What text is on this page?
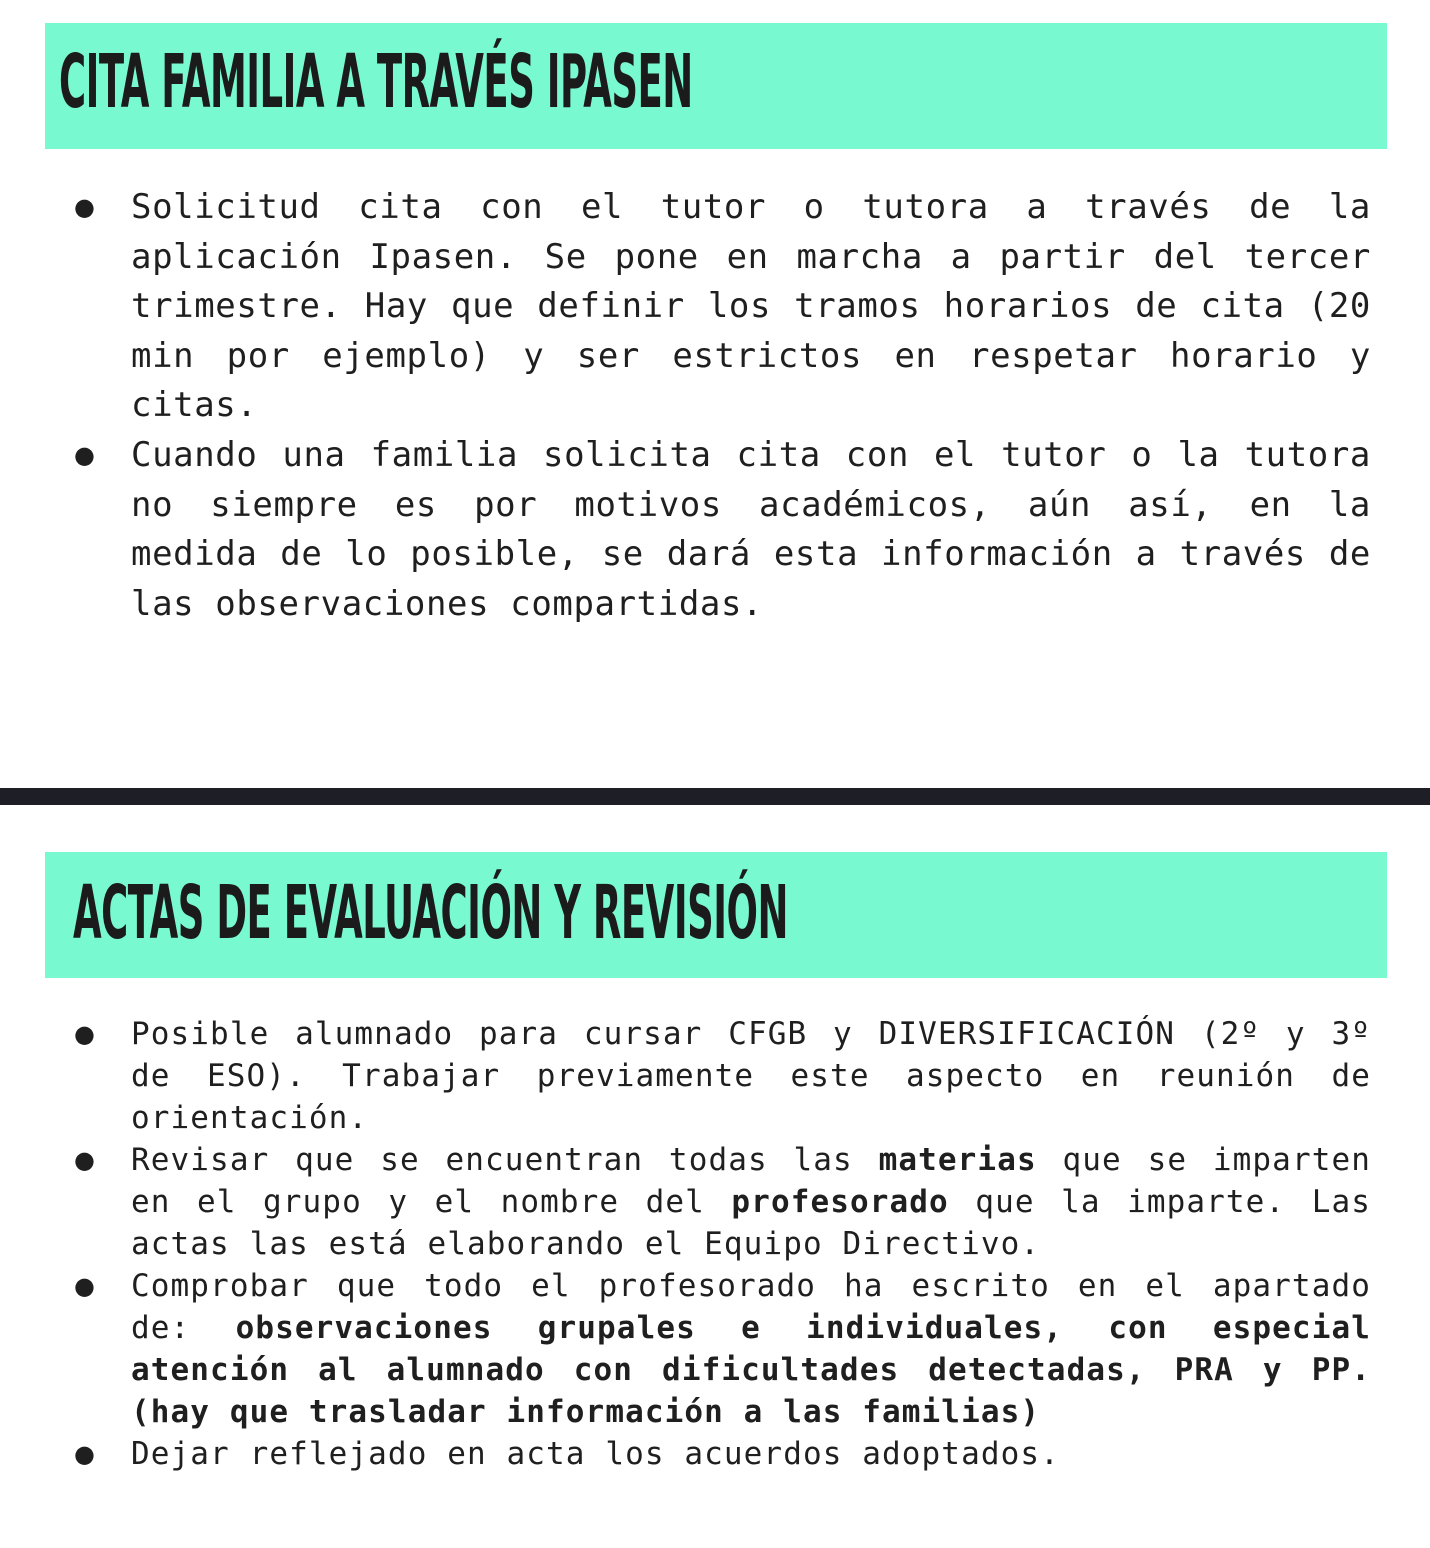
CITA FAMILIA A TRAVÉS IPASEN
● Solicitud cita con el tutor o tutora a través de la aplicación Ipasen. Se pone en marcha a partir del tercer trimestre. Hay que definir los tramos horarios de cita (20 min por ejemplo) y ser estrictos en respetar horario y citas.
● Cuando una familia solicita cita con el tutor o la tutora no siempre es por motivos académicos, aún así, en la medida de lo posible, se dará esta información a través de las observaciones compartidas.
ACTAS DE EVALUACIÓN Y REVISIÓN
● Posible alumnado para cursar CFGB y DIVERSIFICACIÓN (2º y 3º de ESO). Trabajar previamente este aspecto en reunión de orientación.
● Revisar que se encuentran todas las materias que se imparten en el grupo y el nombre del profesorado que la imparte. Las actas las está elaborando el Equipo Directivo.
● Comprobar que todo el profesorado ha escrito en el apartado de: observaciones grupales e individuales, con especial atención al alumnado con dificultades detectadas, PRA y PP. (hay que trasladar información a las familias)
● Dejar reflejado en acta los acuerdos adoptados.
